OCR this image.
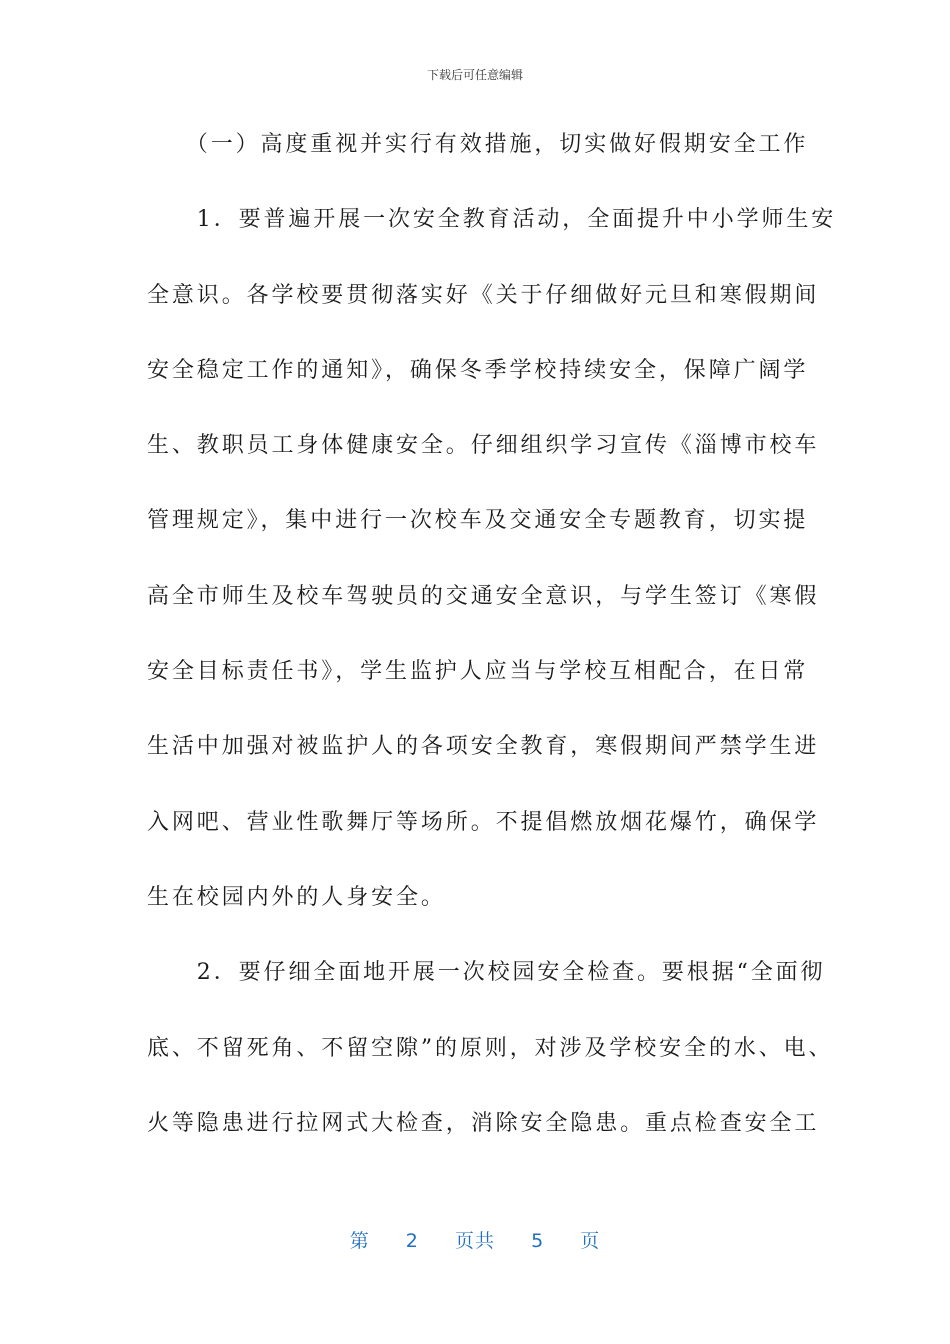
下载后可任意编辑
　　（一）高度重视并实行有效措施，切实做好假期安全工作
　　1．要普遍开展一次安全教育活动，全面提升中小学师生安
全意识。各学校要贯彻落实好《关于仔细做好元旦和寒假期间
安全稳定工作的通知》，确保冬季学校持续安全，保障广阔学
生、教职员工身体健康安全。仔细组织学习宣传《淄博市校车
管理规定》，集中进行一次校车及交通安全专题教育，切实提
高全市师生及校车驾驶员的交通安全意识，与学生签订《寒假
安全目标责任书》，学生监护人应当与学校互相配合，在日常
生活中加强对被监护人的各项安全教育，寒假期间严禁学生进
入网吧、营业性歌舞厅等场所。不提倡燃放烟花爆竹，确保学
生在校园内外的人身安全。
　　2．要仔细全面地开展一次校园安全检查。要根据“全面彻
底、不留死角、不留空隙”的原则，对涉及学校安全的水、电、
火等隐患进行拉网式大检查，消除安全隐患。重点检查安全工
第 2 页共 5 页
